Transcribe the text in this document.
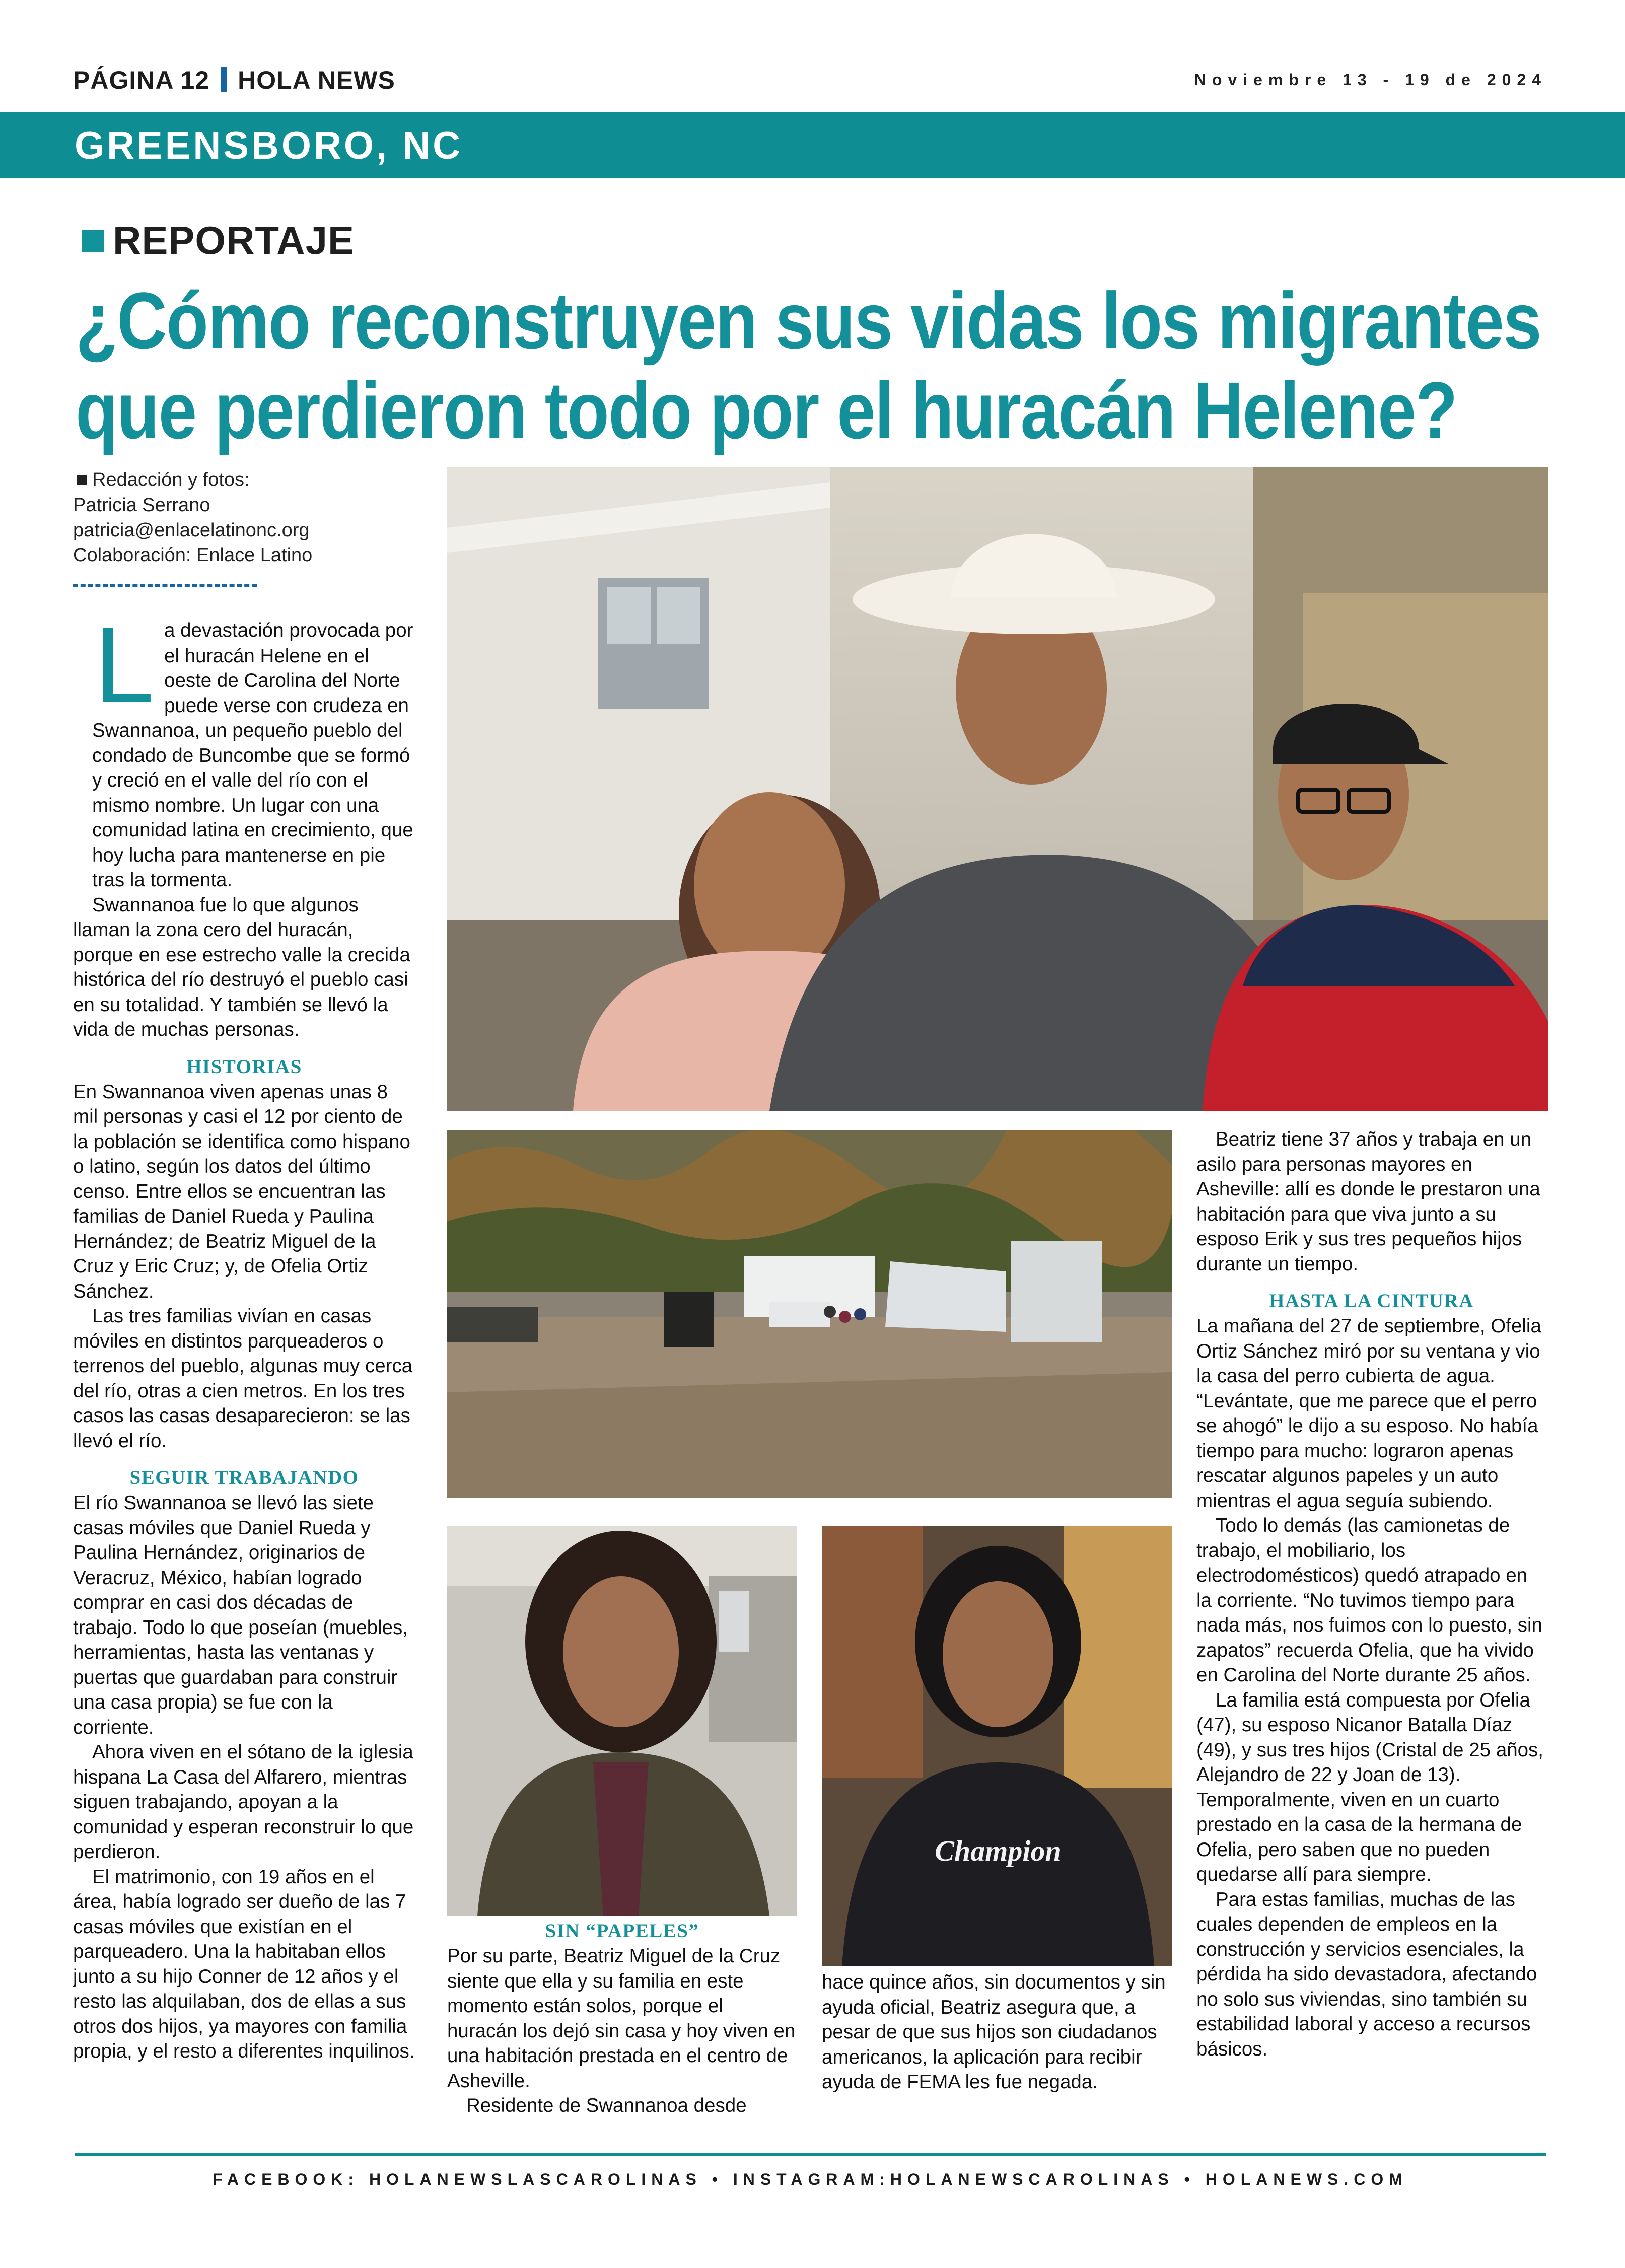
PÁGINA 12 HOLA NEWS	Noviembre 13 - 19 de 2024
GREENSBORO, NC
REPORTAJE
¿Cómo reconstruyen sus vidas los migrantes
que perdieron todo por el huracán Helene?
Redacción y fotos:
Patricia Serrano
patricia@enlacelatinonc.org
Colaboración: Enlace Latino

La devastación provocada por el huracán Helene en el oeste de Carolina del Norte puede verse con crudeza en Swannanoa, un pequeño pueblo del condado de Buncombe que se formó y creció en el valle del río con el mismo nombre. Un lugar con una comunidad latina en crecimiento, que hoy lucha para mantenerse en pie tras la tormenta.

Swannanoa fue lo que algunos llaman la zona cero del huracán, porque en ese estrecho valle la crecida histórica del río destruyó el pueblo casi en su totalidad. Y también se llevó la vida de muchas personas.

HISTORIAS

En Swannanoa viven apenas unas 8 mil personas y casi el 12 por ciento de la población se identifica como hispano o latino, según los datos del último censo. Entre ellos se encuentran las familias de Daniel Rueda y Paulina Hernández; de Beatriz Miguel de la Cruz y Eric Cruz; y, de Ofelia Ortiz Sánchez.

Las tres familias vivían en casas móviles en distintos parqueaderos o terrenos del pueblo, algunas muy cerca del río, otras a cien metros. En los tres casos las casas desaparecieron: se las llevó el río.

SEGUIR TRABAJANDO

El río Swannanoa se llevó las siete casas móviles que Daniel Rueda y Paulina Hernández, originarios de Veracruz, México, habían logrado comprar en casi dos décadas de trabajo. Todo lo que poseían (muebles, herramientas, hasta las ventanas y puertas que guardaban para construir una casa propia) se fue con la corriente.

Ahora viven en el sótano de la iglesia hispana La Casa del Alfarero, mientras siguen trabajando, apoyan a la comunidad y esperan reconstruir lo que perdieron.

El matrimonio, con 19 años en el área, había logrado ser dueño de las 7 casas móviles que existían en el parqueadero. Una la habitaban ellos junto a su hijo Conner de 12 años y el resto las alquilaban, dos de ellas a sus otros dos hijos, ya mayores con familia propia, y el resto a diferentes inquilinos.

Champion
SIN “PAPELES”

Por su parte, Beatriz Miguel de la Cruz siente que ella y su familia en este momento están solos, porque el huracán los dejó sin casa y hoy viven en una habitación prestada en el centro de Asheville.

Residente de Swannanoa desde

hace quince años, sin documentos y sin ayuda oficial, Beatriz asegura que, a pesar de que sus hijos son ciudadanos americanos, la aplicación para recibir ayuda de FEMA les fue negada.

Beatriz tiene 37 años y trabaja en un asilo para personas mayores en Asheville: allí es donde le prestaron una habitación para que viva junto a su esposo Erik y sus tres pequeños hijos durante un tiempo.

HASTA LA CINTURA

La mañana del 27 de septiembre, Ofelia Ortiz Sánchez miró por su ventana y vio la casa del perro cubierta de agua. “Levántate, que me parece que el perro se ahogó” le dijo a su esposo. No había tiempo para mucho: lograron apenas rescatar algunos papeles y un auto mientras el agua seguía subiendo.

Todo lo demás (las camionetas de trabajo, el mobiliario, los electrodomésticos) quedó atrapado en la corriente. “No tuvimos tiempo para nada más, nos fuimos con lo puesto, sin zapatos” recuerda Ofelia, que ha vivido en Carolina del Norte durante 25 años.

La familia está compuesta por Ofelia (47), su esposo Nicanor Batalla Díaz (49), y sus tres hijos (Cristal de 25 años, Alejandro de 22 y Joan de 13). Temporalmente, viven en un cuarto prestado en la casa de la hermana de Ofelia, pero saben que no pueden quedarse allí para siempre.

Para estas familias, muchas de las cuales dependen de empleos en la construcción y servicios esenciales, la pérdida ha sido devastadora, afectando no solo sus viviendas, sino también su estabilidad laboral y acceso a recursos básicos.

FACEBOOK: HOLANEWSLASCAROLINAS • INSTAGRAM:HOLANEWSCAROLINAS • HOLANEWS.COM
